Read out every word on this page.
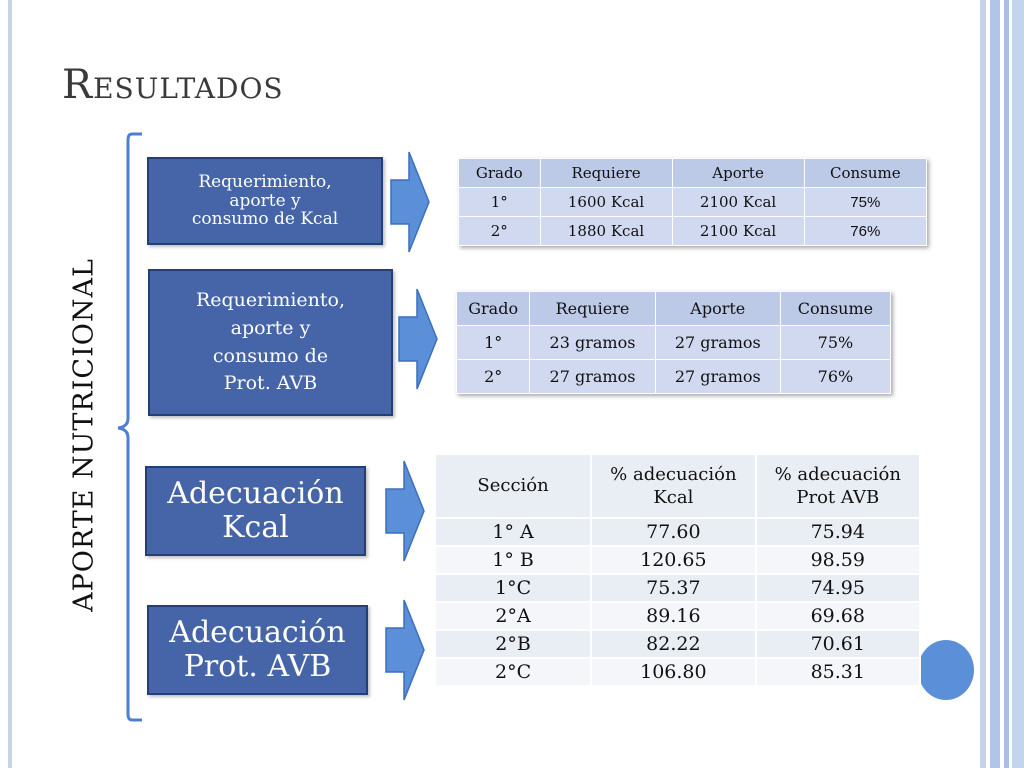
Resultados
APORTE NUTRICIONAL
Requerimiento,
aporte y
consumo de Kcal
Requerimiento,
aporte y
consumo de
Prot. AVB
Adecuación
Kcal
Adecuación
Prot. AVB
Grado	Requiere	Aporte	Consume
1°	1600 Kcal	2100 Kcal	75%
2°	1880 Kcal	2100 Kcal	76%
Grado	Requiere	Aporte	Consume
1°	23 gramos	27 gramos	75%
2°	27 gramos	27 gramos	76%
Sección	% adecuación Kcal	% adecuación Prot AVB
1° A	77.60	75.94
1° B	120.65	98.59
1°C	75.37	74.95
2°A	89.16	69.68
2°B	82.22	70.61
2°C	106.80	85.31
